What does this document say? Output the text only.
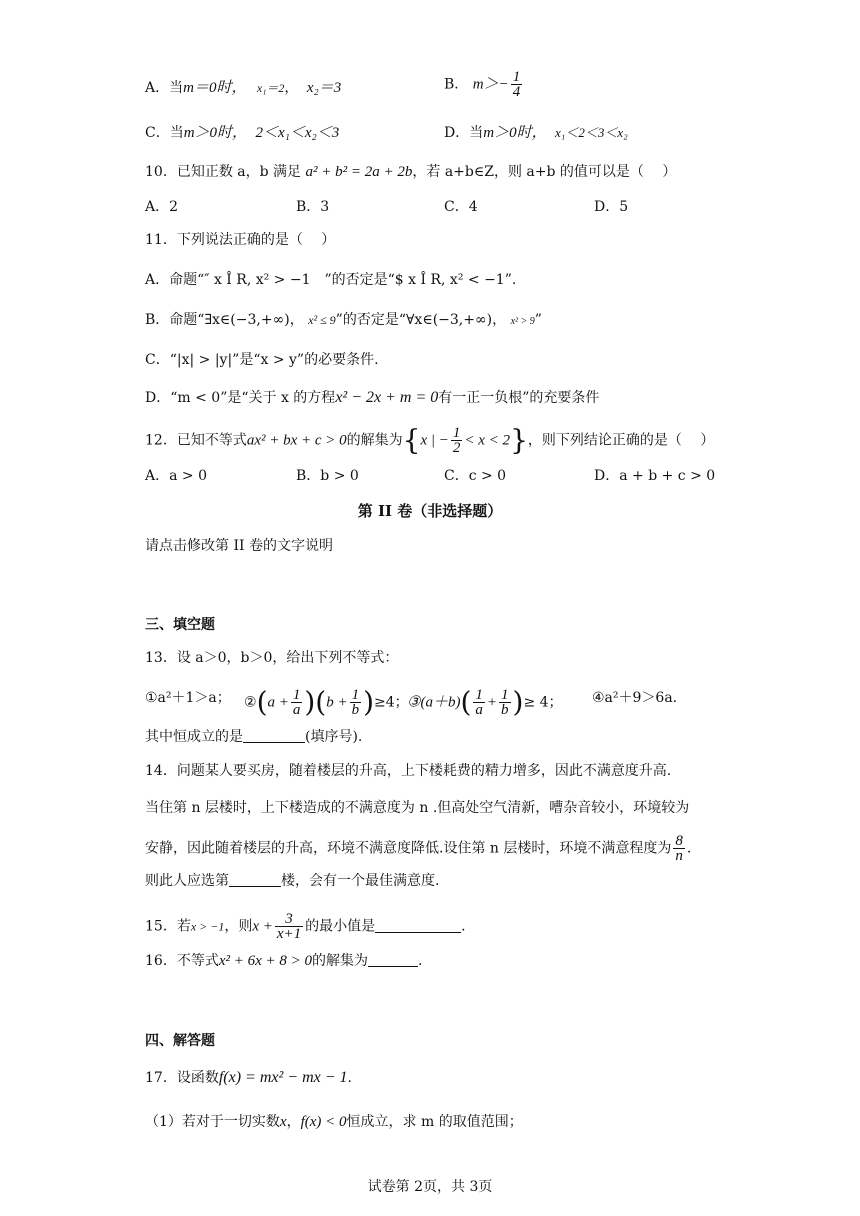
A．当m＝0时， x₁＝2， x₂＝3	B． $m>- \frac{1}{4}$
C．当m＞0时， 2＜x₁＜x₂＜3	D．当m＞0时， x₁＜2＜3＜x₂
10．已知正数 a，b 满足 a² + b² = 2a + 2b，若 a+b∈Z，则 a+b 的值可以是（　 ）
A．2	B．3	C．4	D．5
11．下列说法正确的是（　 ）
A．命题“″ x Î R, x² > −1　”的否定是“$ x Î R, x² < −1”.
B．命题“∃x∈(−3,+∞)， x² ≤ 9”的否定是“∀x∈(−3,+∞)， x² > 9”
C．“|x| > |y|”是“x > y”的必要条件.
D．“m < 0”是“关于 x 的方程x² − 2x + m = 0有一正一负根”的充要条件
12．已知不等式ax² + bx + c > 0的解集为{x | − $\frac{1}{2} < x < 2$}，则下列结论正确的是（　 ）
A．a > 0	B．b > 0	C．c > 0	D．a + b + c > 0
第 II 卷（非选择题）
请点击修改第 II 卷的文字说明
三、填空题
13．设 a＞0，b＞0，给出下列不等式：
①a²＋1＞a； ②(a + $\frac{1}{a} )(b + \frac{1}{b} )\ge 4$；
③(a＋b)( $\frac{1}{a} + \frac{1}{b}$ )≥ 4； ④a²＋9＞6a.
其中恒成立的是	(填序号).
14．问题某人要买房，随着楼层的升高，上下楼耗费的精力增多，因此不满意度升高.
当住第 n 层楼时，上下楼造成的不满意度为 n .但高处空气清新，嘈杂音较小，环境较为
安静，因此随着楼层的升高，环境不满意度降低.设住第 n 层楼时，环境不满意程度为 $\frac{8}{n}$ .
则此人应选第	楼，会有一个最佳满意度.
15．若x > −1，则$x + \frac{3}{x+1}$ 的最小值是	.
16．不等式x² + 6x + 8 > 0的解集为	.
四、解答题
17．设函数f(x) = mx² − mx − 1.
（1）若对于一切实数x，f(x) < 0恒成立，求 m 的取值范围；
试卷第 2页，共 3页
